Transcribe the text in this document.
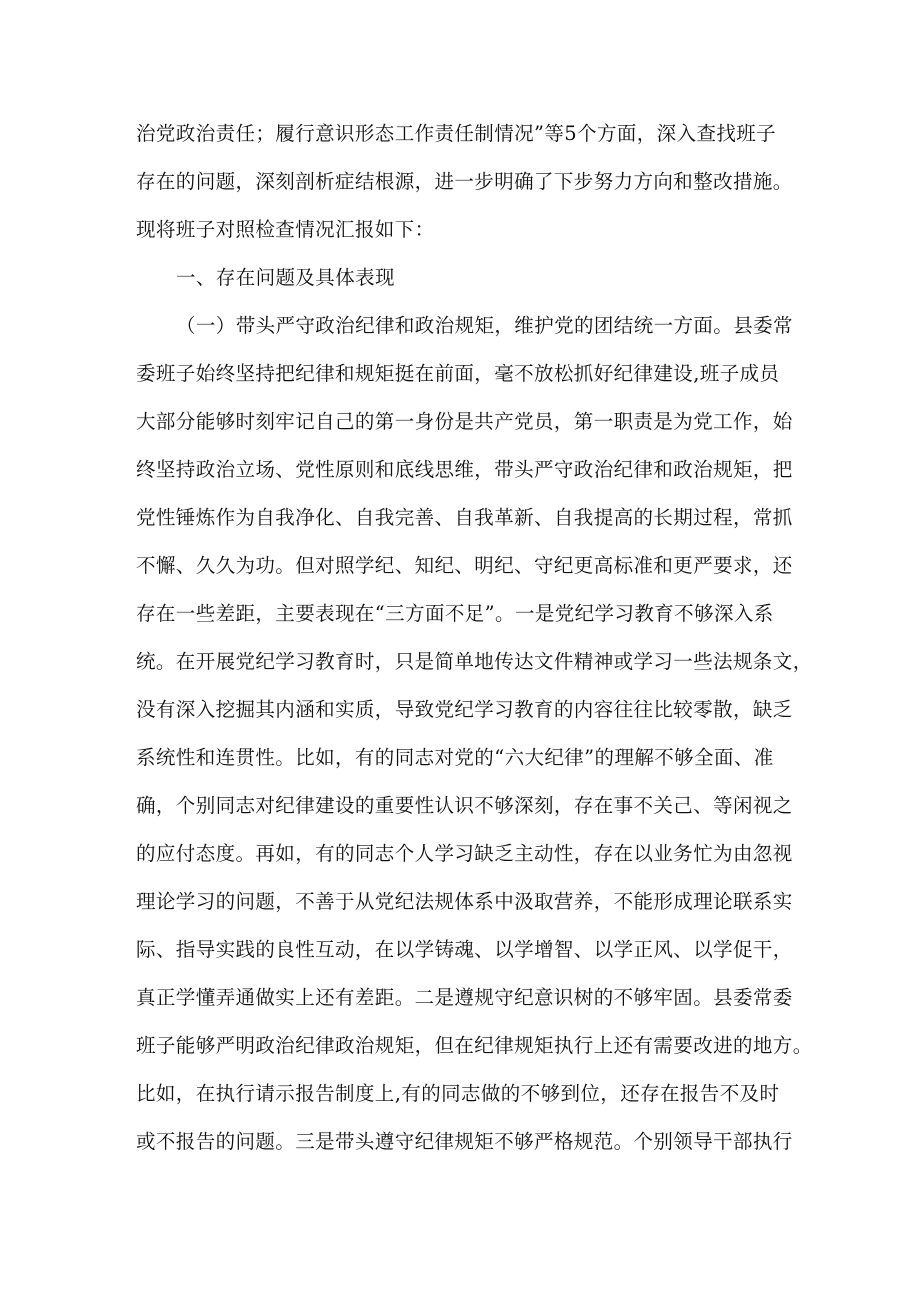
治党政治责任；履行意识形态工作责任制情况”等5个方面，深入查找班子
存在的问题，深刻剖析症结根源，进一步明确了下步努力方向和整改措施。
现将班子对照检查情况汇报如下：
一、存在问题及具体表现
（一）带头严守政治纪律和政治规矩，维护党的团结统一方面。县委常
委班子始终坚持把纪律和规矩挺在前面，毫不放松抓好纪律建设,班子成员
大部分能够时刻牢记自己的第一身份是共产党员，第一职责是为党工作，始
终坚持政治立场、党性原则和底线思维，带头严守政治纪律和政治规矩，把
党性锤炼作为自我净化、自我完善、自我革新、自我提高的长期过程，常抓
不懈、久久为功。但对照学纪、知纪、明纪、守纪更高标准和更严要求，还
存在一些差距，主要表现在“三方面不足”。一是党纪学习教育不够深入系
统。在开展党纪学习教育时，只是简单地传达文件精神或学习一些法规条文，
没有深入挖掘其内涵和实质，导致党纪学习教育的内容往往比较零散，缺乏
系统性和连贯性。比如，有的同志对党的“六大纪律”的理解不够全面、准
确，个别同志对纪律建设的重要性认识不够深刻，存在事不关己、等闲视之
的应付态度。再如，有的同志个人学习缺乏主动性，存在以业务忙为由忽视
理论学习的问题，不善于从党纪法规体系中汲取营养，不能形成理论联系实
际、指导实践的良性互动，在以学铸魂、以学增智、以学正风、以学促干，
真正学懂弄通做实上还有差距。二是遵规守纪意识树的不够牢固。县委常委
班子能够严明政治纪律政治规矩，但在纪律规矩执行上还有需要改进的地方。
比如，在执行请示报告制度上,有的同志做的不够到位，还存在报告不及时
或不报告的问题。三是带头遵守纪律规矩不够严格规范。个别领导干部执行
